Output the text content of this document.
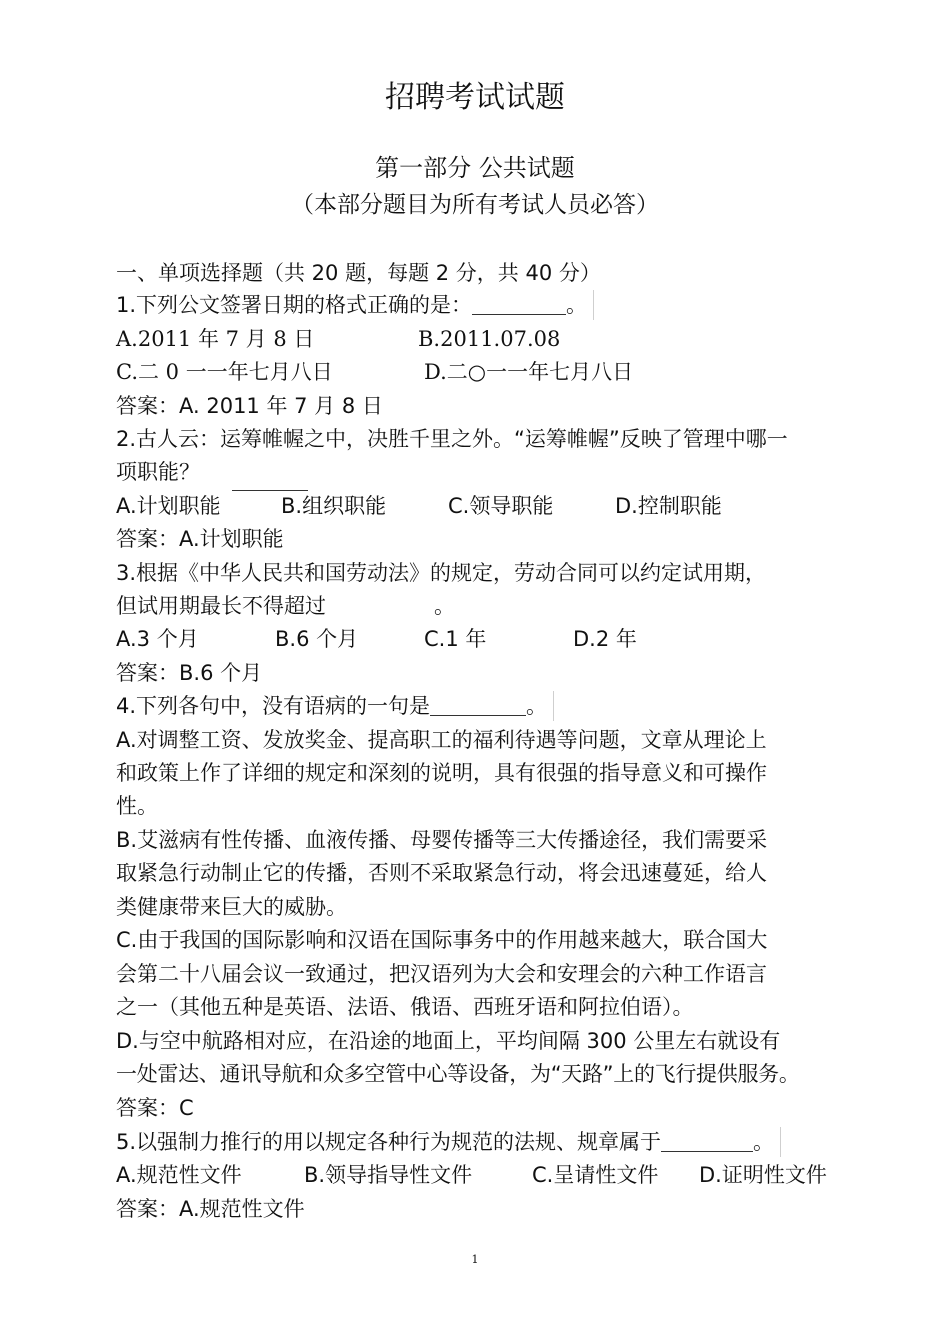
招聘考试试题
第一部分 公共试题
（本部分题目为所有考试人员必答）
一、单项选择题（共 20 题，每题 2 分，共 40 分）
1.下列公文签署日期的格式正确的是：	。
A.2011 年 7 月 8 日	B.2011.07.08
C.二 0 一一年七月八日	D.二○一一年七月八日
答案：A. 2011 年 7 月 8 日
2.古人云：运筹帷幄之中，决胜千里之外。“运筹帷幄”反映了管理中哪一
项职能？
A.计划职能	B.组织职能	C.领导职能	D.控制职能
答案：A.计划职能
3.根据《中华人民共和国劳动法》的规定，劳动合同可以约定试用期，
但试用期最长不得超过	。
A.3 个月	B.6 个月	C.1 年	D.2 年
答案：B.6 个月
4.下列各句中，没有语病的一句是	。
A.对调整工资、发放奖金、提高职工的福利待遇等问题，文章从理论上
和政策上作了详细的规定和深刻的说明，具有很强的指导意义和可操作
性。
B.艾滋病有性传播、血液传播、母婴传播等三大传播途径，我们需要采
取紧急行动制止它的传播，否则不采取紧急行动，将会迅速蔓延，给人
类健康带来巨大的威胁。
C.由于我国的国际影响和汉语在国际事务中的作用越来越大，联合国大
会第二十八届会议一致通过，把汉语列为大会和安理会的六种工作语言
之一（其他五种是英语、法语、俄语、西班牙语和阿拉伯语）。
D.与空中航路相对应，在沿途的地面上，平均间隔 300 公里左右就设有
一处雷达、通讯导航和众多空管中心等设备，为“天路”上的飞行提供服务。
答案：C
5.以强制力推行的用以规定各种行为规范的法规、规章属于	。
A.规范性文件	B.领导指导性文件	C.呈请性文件 D.证明性文件
答案：A.规范性文件
1
